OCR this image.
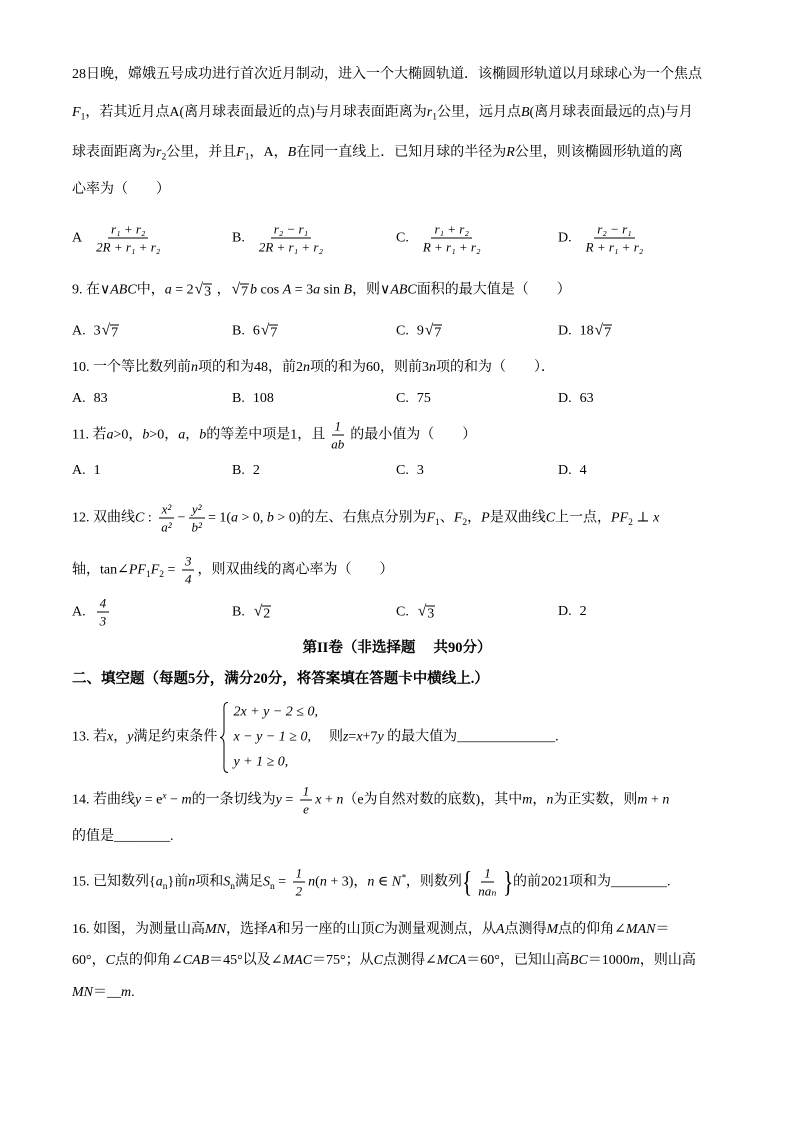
28日晚，嫦娥五号成功进行首次近月制动，进入一个大椭圆轨道．该椭圆形轨道以月球球心为一个焦点
$F_1$ ，若其近月点A(离月球表面最近的点)与月球表面距离为 $r_1$ 公里，远月点 B (离月球表面最远的点)与月
球表面距离为 $r_2$ 公里，并且 $F_1$ ，A， B 在同一直线上．已知月球的半径为 R 公里，则该椭圆形轨道的离
心率为（　　）
A $\frac{\text{r₁ + r₂}}{\text{2R + r₁ + r₂}}$	B. $\frac{\text{r₂ − r₁}}{\text{2R + r₁ + r₂}}$	C. $\frac{\text{r₁ + r₂}}{\text{R + r₁ + r₂}}$	D. $\frac{\text{r₂ − r₁}}{\text{R + r₁ + r₂}}$
9. 在∨ ABC 中， a = 2 √ 3 ， √ 7 b cos A = 3 a sin B ，则∨ ABC 面积的最大值是（　　）
A. 3 √ 7	B. 6 √ 7	C. 9 √ 7	D. 18 √ 7
10. 一个等比数列前 n 项的和为48，前2 n 项的和为60，则前3 n 项的和为（　　）．
A. 83	B. 108	C. 75	D. 63
11. 若 a >0， b >0， a ， b 的等差中项是1，且 $\frac{1}{ab}$ 的最小值为（　　）
A. 1	B. 2	C. 3	D. 4
12. 双曲线 C : $\frac{\text{x²}}{\text{a²}} - \frac{\text{y²}}{\text{b²}} = 1$( a > 0, b > 0)的左、右焦点分别为 $F_1$ 、 $F_2$ ， P 是双曲线 C 上一点， $PF_2$ ⊥ x
轴，tan∠ $PF_1$ $F_2 = \frac{3}{4}$ ，则双曲线的离心率为（　　）
A. $\frac{4}{3}$	B. √ 2	C. √ 3	D. 2
第II卷（非选择题　 共90分）
二、填空题（每题5分，满分20分，将答案填在答题卡中横线上.）
13. 若 x ， y 满足约束条件
2x + y − 2 ≤ 0,
x − y − 1 ≥ 0,
y + 1 ≥ 0,
则 z = x +7 y 的最大值为______________.
14. 若曲线 $y = e^x - m$ 的一条切线为 $y = \frac{1}{e}$ x + n （e为自然对数的底数)，其中 m ， n 为正实数，则 m + n
的值是________.
15. 已知数列{ $a_n$ }前 n 项和 $S_n$ 满足 $S_n = \frac{1}{2}$ n ( n + 3)， n ∈ N* ，则数列 { $\frac{1}{\text{naₙ}}$ } 的前2021项和为________.
16. 如图，为测量山高 MN ，选择 A 和另一座的山顶 C 为测量观测点，从 A 点测得 M 点的仰角∠ MAN ＝
60°， C 点的仰角∠ CAB ＝45°以及∠ MAC ＝75°；从 C 点测得∠ MCA ＝60°，已知山高 BC ＝1000 m ，则山高
MN ＝__ m .
